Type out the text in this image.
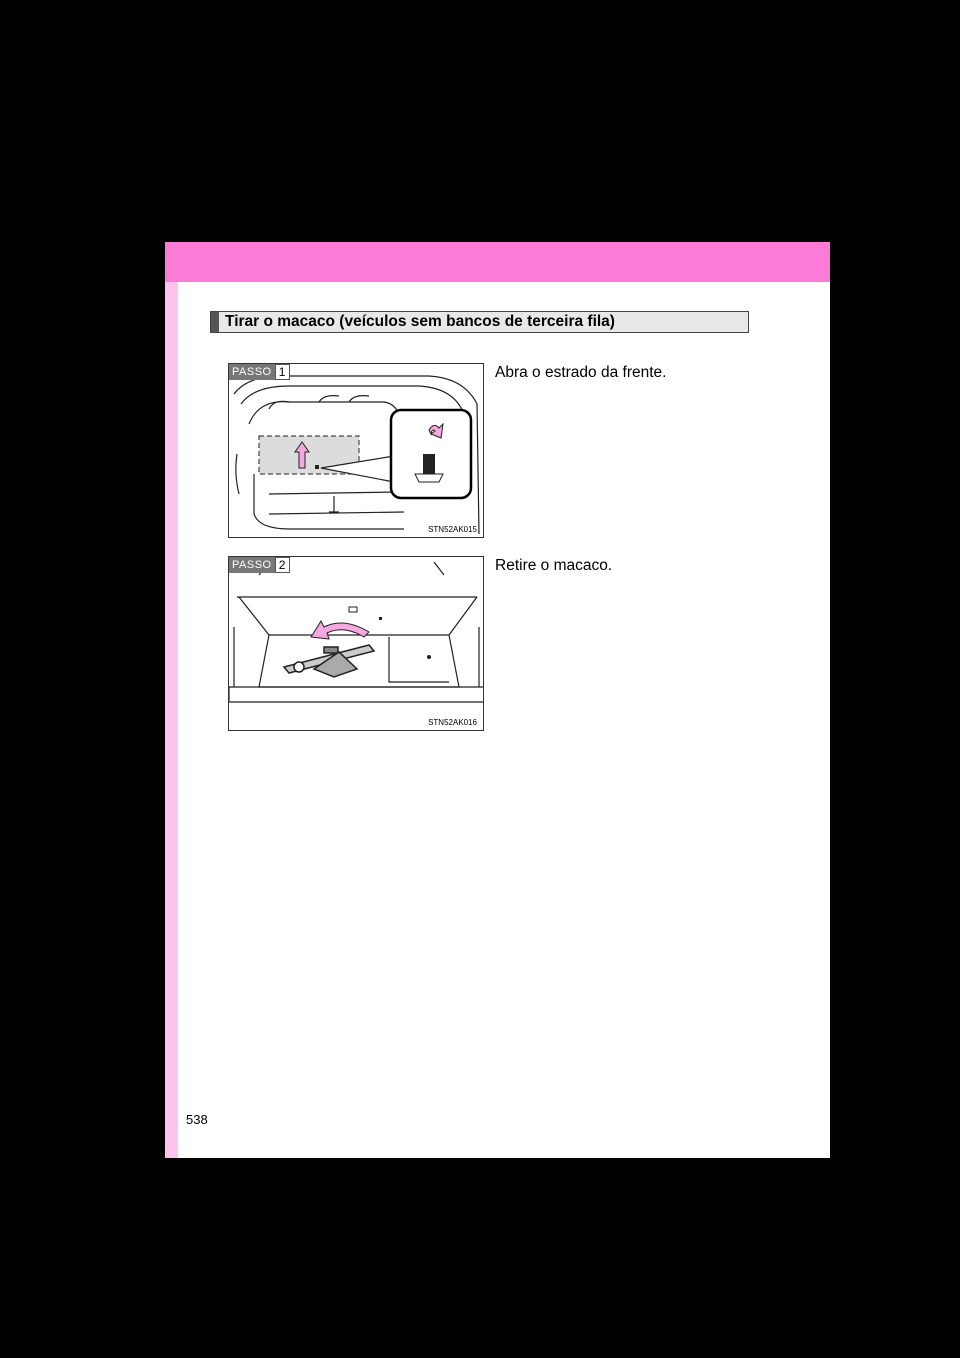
Tirar o macaco (veículos sem bancos de terceira fila)
PASSO 1
STN52AK015
Abra o estrado da frente.
PASSO 2
STN52AK016
Retire o macaco.
538
